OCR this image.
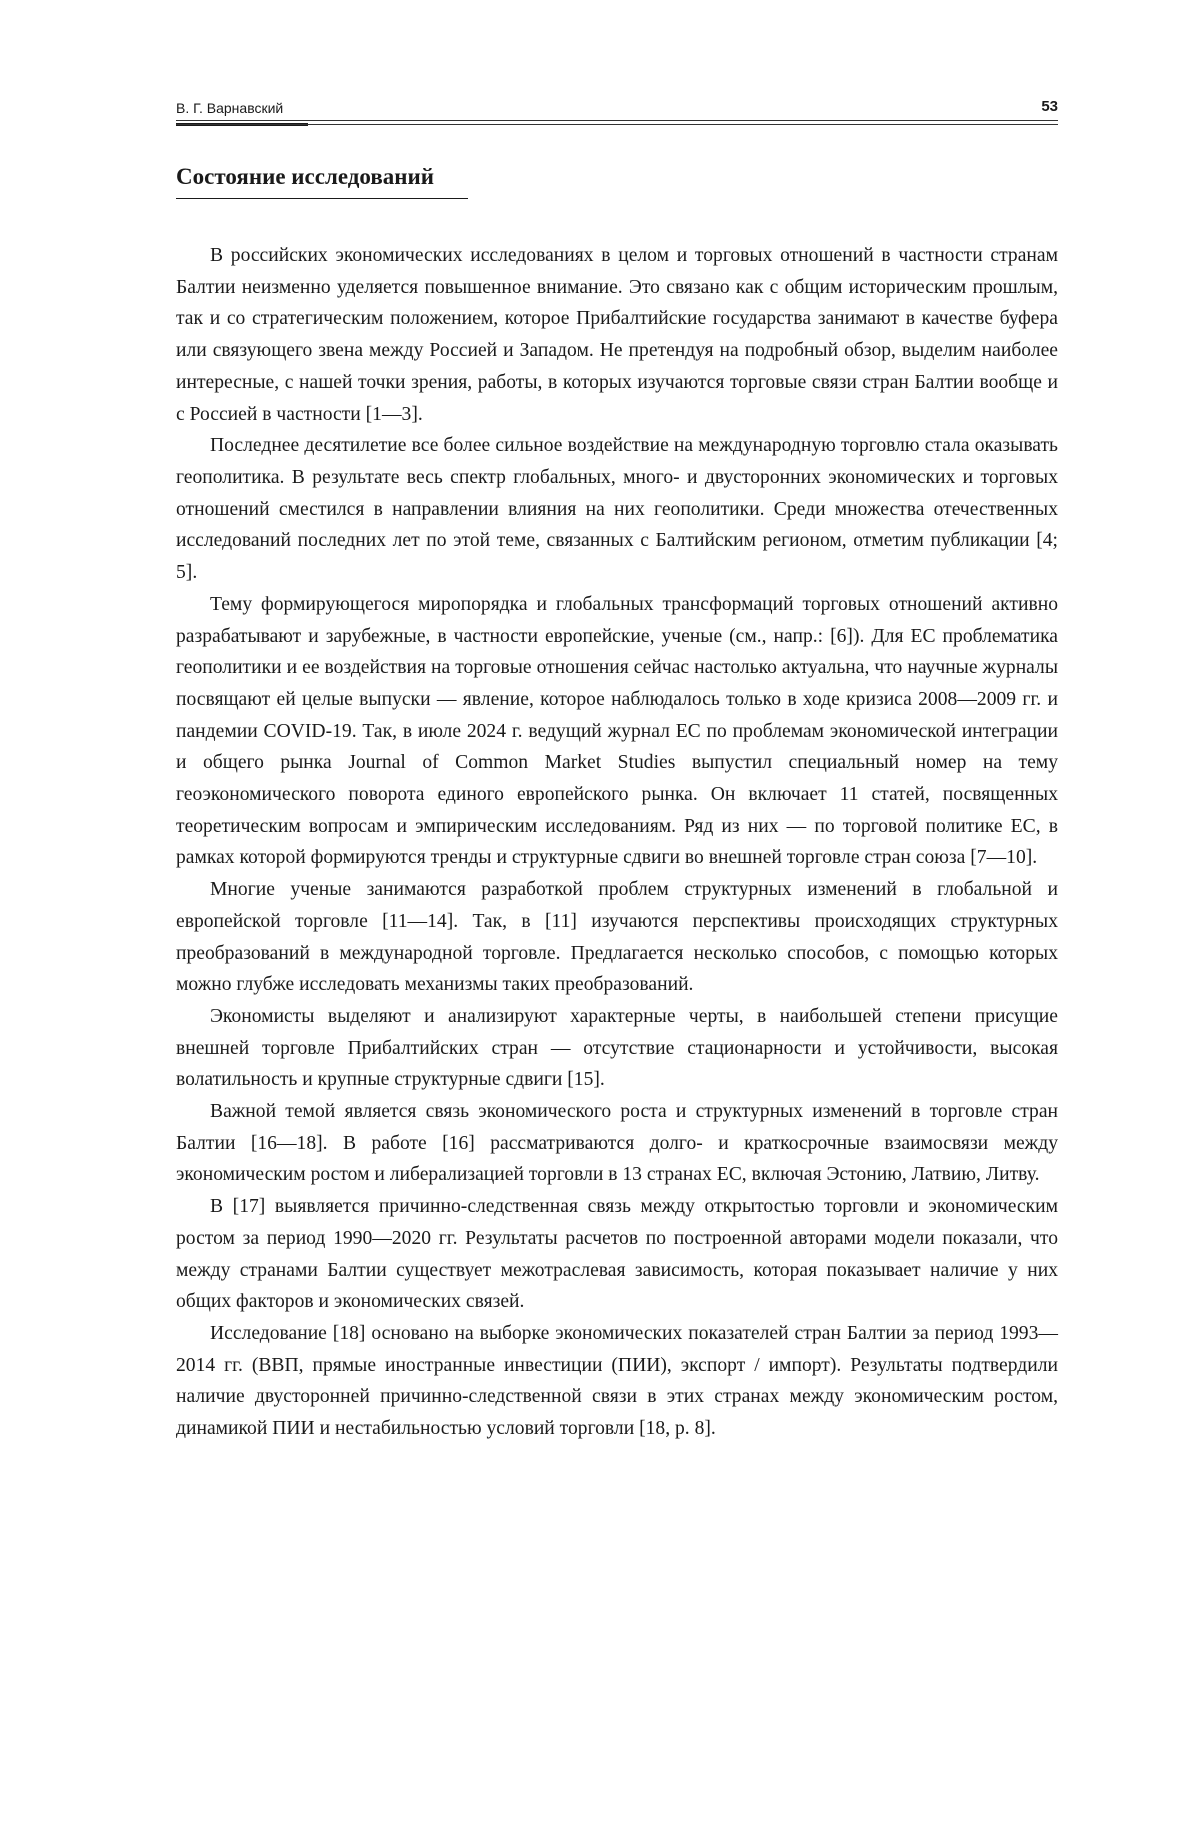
В. Г. Варнавский	53
Состояние исследований

В российских экономических исследованиях в целом и торговых отношений в частности странам Балтии неизменно уделяется повышенное внимание. Это связано как с общим историческим прошлым, так и со стратегическим положением, которое Прибалтийские государства занимают в качестве буфера или связующего звена между Россией и Западом. Не претендуя на подробный обзор, выделим наиболее интересные, с нашей точки зрения, работы, в которых изучаются торговые связи стран Балтии вообще и с Россией в частности [1—3].

Последнее десятилетие все более сильное воздействие на международную торговлю стала оказывать геополитика. В результате весь спектр глобальных, много- и двусторонних экономических и торговых отношений сместился в направлении влияния на них геополитики. Среди множества отечественных исследований последних лет по этой теме, связанных с Балтийским регионом, отметим публикации [4; 5].

Тему формирующегося миропорядка и глобальных трансформаций торговых отношений активно разрабатывают и зарубежные, в частности европейские, ученые (см., напр.: [6]). Для ЕС проблематика геополитики и ее воздействия на торговые отношения сейчас настолько актуальна, что научные журналы посвящают ей целые выпуски — явление, которое наблюдалось только в ходе кризиса 2008—2009 гг. и пандемии COVID-19. Так, в июле 2024 г. ведущий журнал ЕС по проблемам экономической интеграции и общего рынка Journal of Common Market Studies выпустил специальный номер на тему геоэкономического поворота единого европейского рынка. Он включает 11 статей, посвященных теоретическим вопросам и эмпирическим исследованиям. Ряд из них — по торговой политике ЕС, в рамках которой формируются тренды и структурные сдвиги во внешней торговле стран союза [7—10].

Многие ученые занимаются разработкой проблем структурных изменений в глобальной и европейской торговле [11—14]. Так, в [11] изучаются перспективы происходящих структурных преобразований в международной торговле. Предлагается несколько способов, с помощью которых можно глубже исследовать механизмы таких преобразований.

Экономисты выделяют и анализируют характерные черты, в наибольшей степени присущие внешней торговле Прибалтийских стран — отсутствие стационарности и устойчивости, высокая волатильность и крупные структурные сдвиги [15].

Важной темой является связь экономического роста и структурных изменений в торговле стран Балтии [16—18]. В работе [16] рассматриваются долго- и краткосрочные взаимосвязи между экономическим ростом и либерализацией торговли в 13 странах ЕС, включая Эстонию, Латвию, Литву.

В [17] выявляется причинно-следственная связь между открытостью торговли и экономическим ростом за период 1990—2020 гг. Результаты расчетов по построенной авторами модели показали, что между странами Балтии существует межотраслевая зависимость, которая показывает наличие у них общих факторов и экономических связей.

Исследование [18] основано на выборке экономических показателей стран Балтии за период 1993—2014 гг. (ВВП, прямые иностранные инвестиции (ПИИ), экспорт / импорт). Результаты подтвердили наличие двусторонней причинно-следственной связи в этих странах между экономическим ростом, динамикой ПИИ и нестабильностью условий торговли [18, p. 8].
